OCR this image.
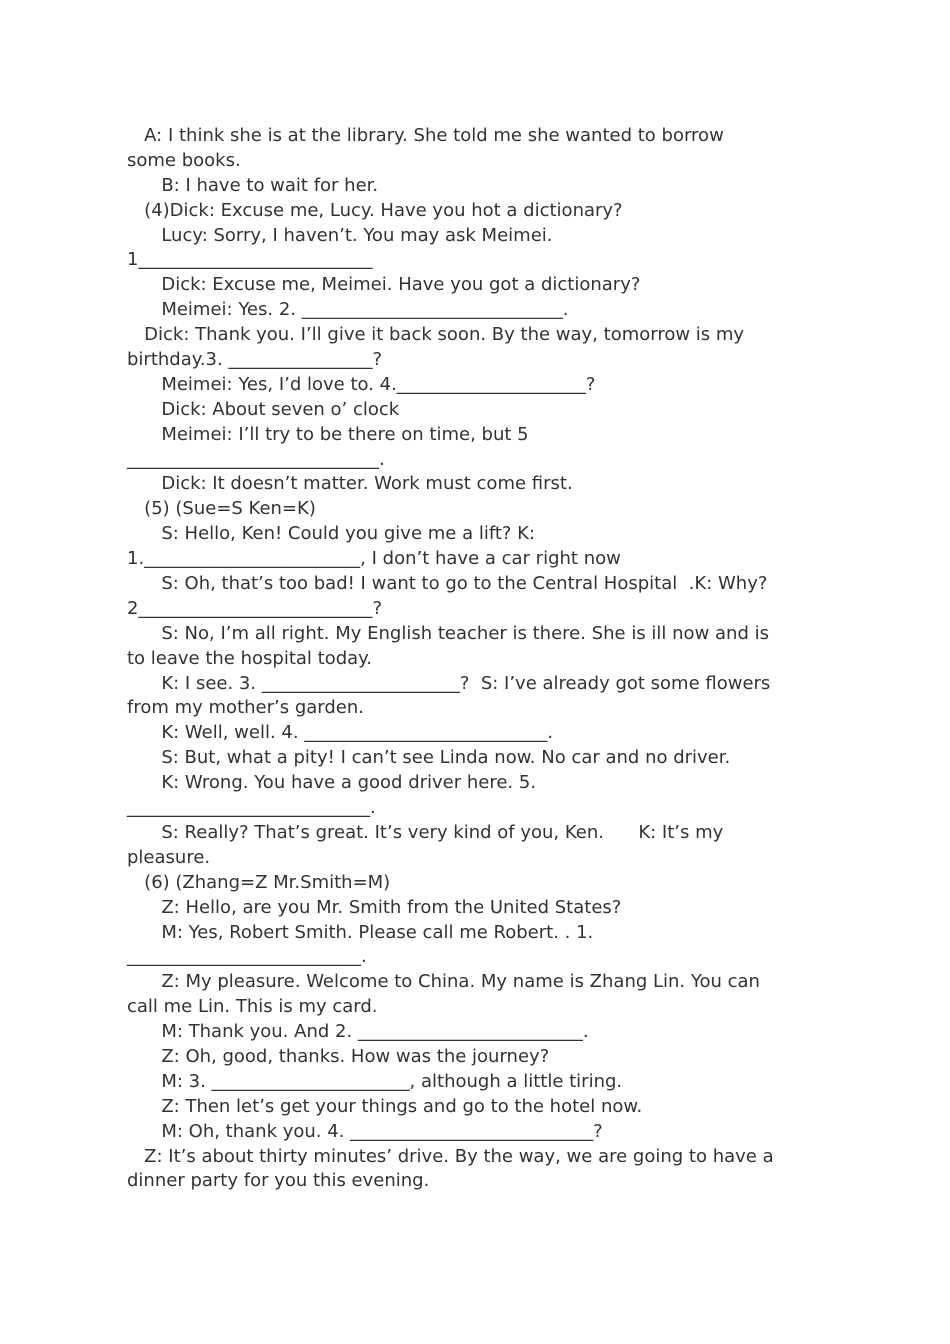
A: I think she is at the library. She told me she wanted to borrow
some books.
B: I have to wait for her.
(4)Dick: Excuse me, Lucy. Have you hot a dictionary?
Lucy: Sorry, I haven’t. You may ask Meimei.
1__________________________
Dick: Excuse me, Meimei. Have you got a dictionary?
Meimei: Yes. 2. _____________________________.
Dick: Thank you. I’ll give it back soon. By the way, tomorrow is my
birthday.3. ________________?
Meimei: Yes, I’d love to. 4._____________________?
Dick: About seven o’ clock
Meimei: I’ll try to be there on time, but 5
____________________________.
Dick: It doesn’t matter. Work must come first.
(5) (Sue=S Ken=K)
S: Hello, Ken! Could you give me a lift? K:
1.________________________, I don’t have a car right now
S: Oh, that’s too bad! I want to go to the Central Hospital  .K: Why?
2__________________________?
S: No, I’m all right. My English teacher is there. She is ill now and is
to leave the hospital today.
K: I see. 3. ______________________?  S: I’ve already got some flowers
from my mother’s garden.
K: Well, well. 4. ___________________________.
S: But, what a pity! I can’t see Linda now. No car and no driver.
K: Wrong. You have a good driver here. 5.
___________________________.
S: Really? That’s great. It’s very kind of you, Ken.      K: It’s my
pleasure.
(6) (Zhang=Z Mr.Smith=M)
Z: Hello, are you Mr. Smith from the United States?
M: Yes, Robert Smith. Please call me Robert. . 1.
__________________________.
Z: My pleasure. Welcome to China. My name is Zhang Lin. You can
call me Lin. This is my card.
M: Thank you. And 2. _________________________.
Z: Oh, good, thanks. How was the journey?
M: 3. ______________________, although a little tiring.
Z: Then let’s get your things and go to the hotel now.
M: Oh, thank you. 4. ___________________________?
Z: It’s about thirty minutes’ drive. By the way, we are going to have a
dinner party for you this evening.
